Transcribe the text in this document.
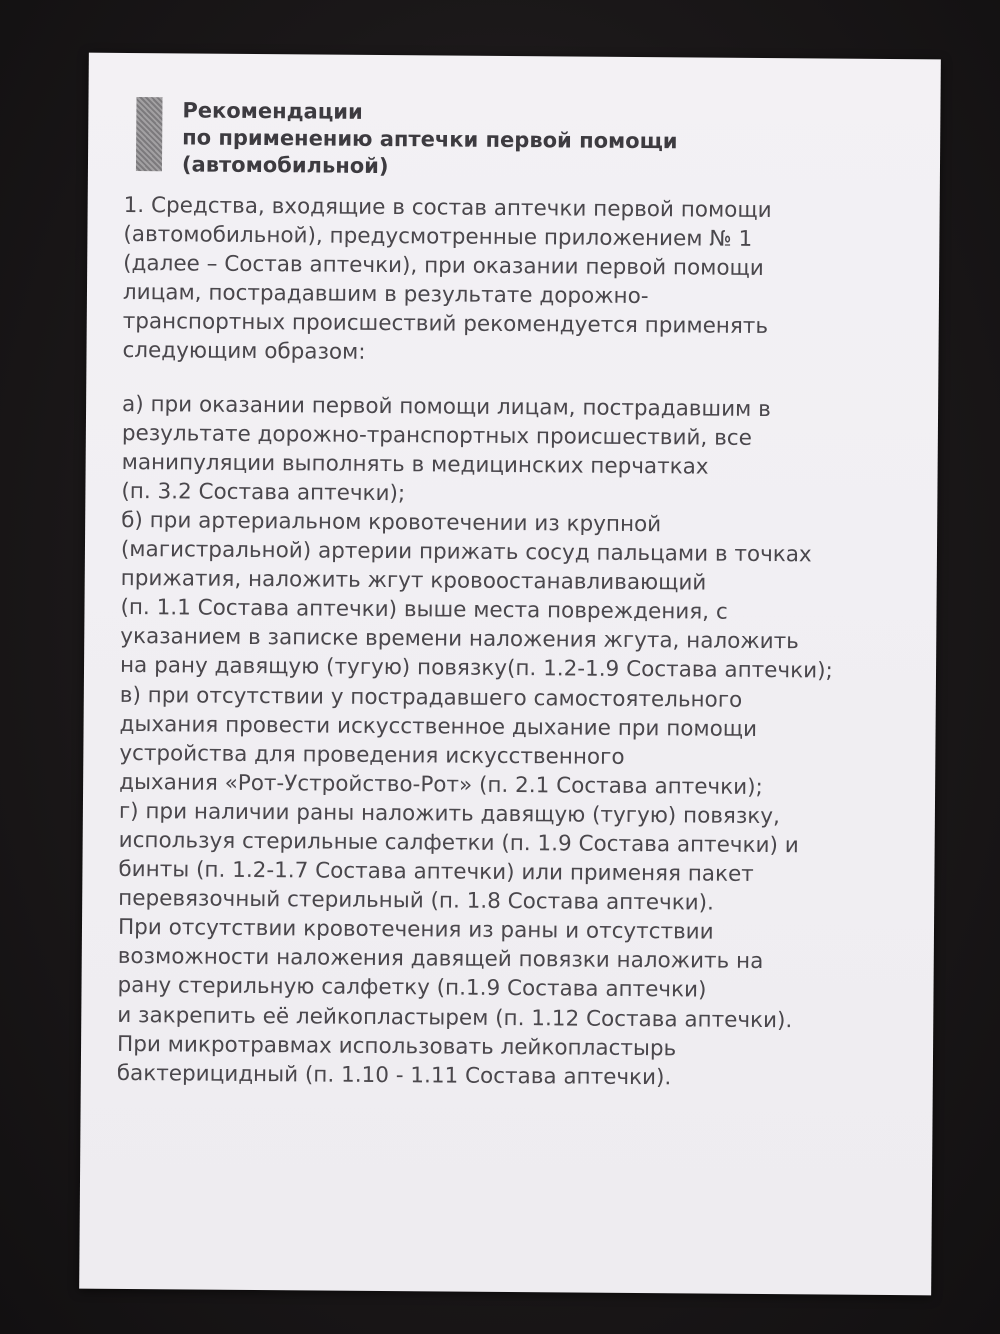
Рекомендации
по применению аптечки первой помощи
(автомобильной)
1. Средства, входящие в состав аптечки первой помощи
(автомобильной), предусмотренные приложением № 1
(далее – Состав аптечки), при оказании первой помощи
лицам, пострадавшим в результате дорожно-
транспортных происшествий рекомендуется применять
следующим образом:
а) при оказании первой помощи лицам, пострадавшим в
результате дорожно-транспортных происшествий, все
манипуляции выполнять в медицинских перчатках
(п. 3.2 Состава аптечки);
б) при артериальном кровотечении из крупной
(магистральной) артерии прижать сосуд пальцами в точках
прижатия, наложить жгут кровоостанавливающий
(п. 1.1 Состава аптечки) выше места повреждения, с
указанием в записке времени наложения жгута, наложить
на рану давящую (тугую) повязку(п. 1.2-1.9 Состава аптечки);
в) при отсутствии у пострадавшего самостоятельного
дыхания провести искусственное дыхание при помощи
устройства для проведения искусственного
дыхания «Рот-Устройство-Рот» (п. 2.1 Состава аптечки);
г) при наличии раны наложить давящую (тугую) повязку,
используя стерильные салфетки (п. 1.9 Состава аптечки) и
бинты (п. 1.2-1.7 Состава аптечки) или применяя пакет
перевязочный стерильный (п. 1.8 Состава аптечки).
При отсутствии кровотечения из раны и отсутствии
возможности наложения давящей повязки наложить на
рану стерильную салфетку (п.1.9 Состава аптечки)
и закрепить её лейкопластырем (п. 1.12 Состава аптечки).
При микротравмах использовать лейкопластырь
бактерицидный (п. 1.10 - 1.11 Состава аптечки).
